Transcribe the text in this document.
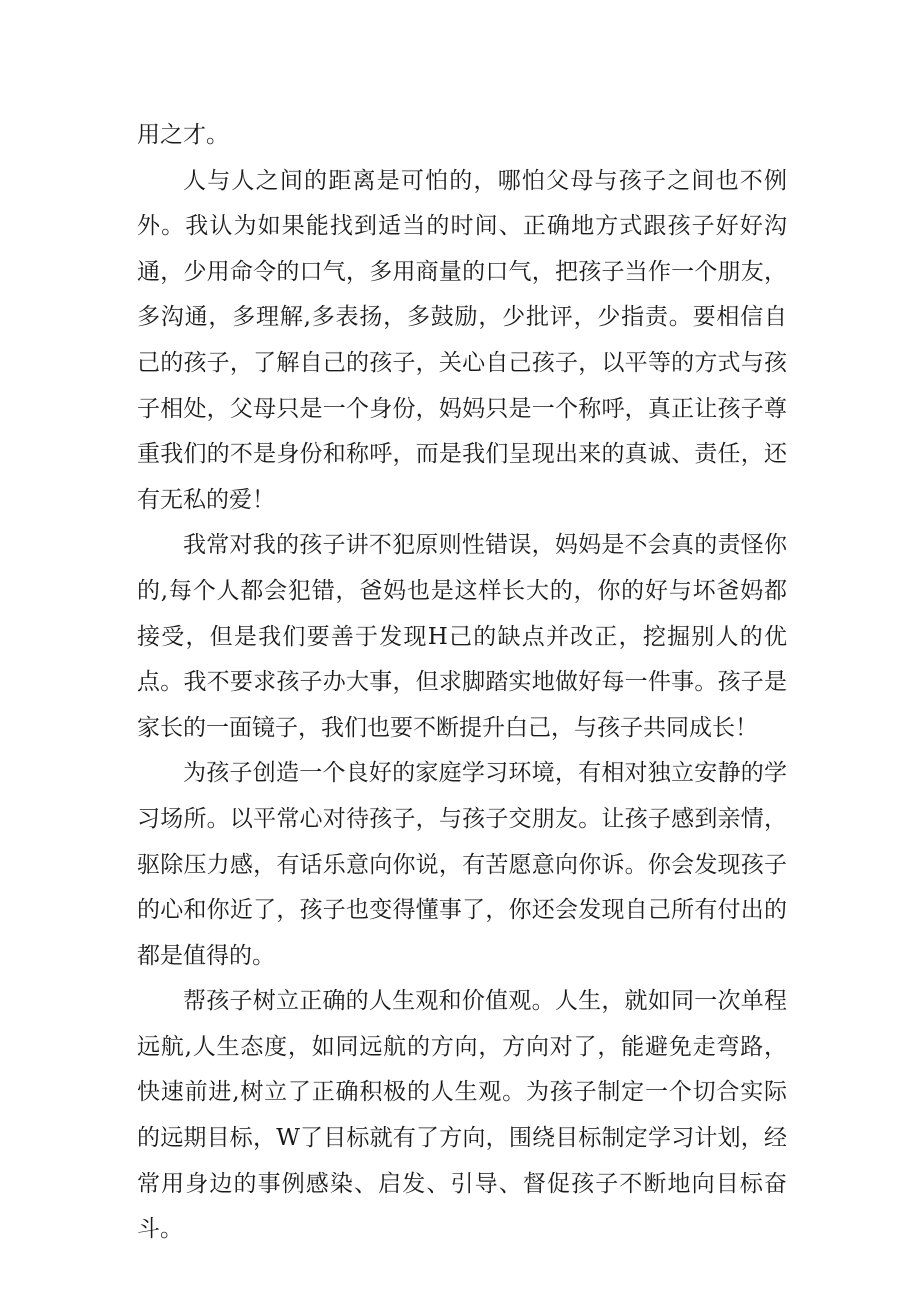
用之才。

人与人之间的距离是可怕的，哪怕父母与孩子之间也不例外。我认为如果能找到适当的时间、正确地方式跟孩子好好沟通，少用命令的口气，多用商量的口气，把孩子当作一个朋友，多沟通，多理解,多表扬，多鼓励，少批评，少指责。要相信自己的孩子，了解自己的孩子，关心自己孩子，以平等的方式与孩子相处，父母只是一个身份，妈妈只是一个称呼，真正让孩子尊重我们的不是身份和称呼，而是我们呈现出来的真诚、责任，还有无私的爱！

我常对我的孩子讲不犯原则性错误，妈妈是不会真的责怪你的,每个人都会犯错，爸妈也是这样长大的，你的好与坏爸妈都接受，但是我们要善于发现H己的缺点并改正，挖掘别人的优点。我不要求孩子办大事，但求脚踏实地做好每一件事。孩子是家长的一面镜子，我们也要不断提升白己，与孩子共同成长！

为孩子创造一个良好的家庭学习环境，有相对独立安静的学习场所。以平常心对待孩子，与孩子交朋友。让孩子感到亲情，驱除压力感，有话乐意向你说，有苦愿意向你诉。你会发现孩子的心和你近了，孩子也变得懂事了，你还会发现自己所有付出的都是值得的。

帮孩子树立正确的人生观和价值观。人生，就如同一次单程远航,人生态度，如同远航的方向，方向对了，能避免走弯路，快速前进,树立了正确积极的人生观。为孩子制定一个切合实际的远期目标，W了目标就有了方向，围绕目标制定学习计划，经常用身边的事例感染、启发、引导、督促孩子不断地向目标奋斗。
